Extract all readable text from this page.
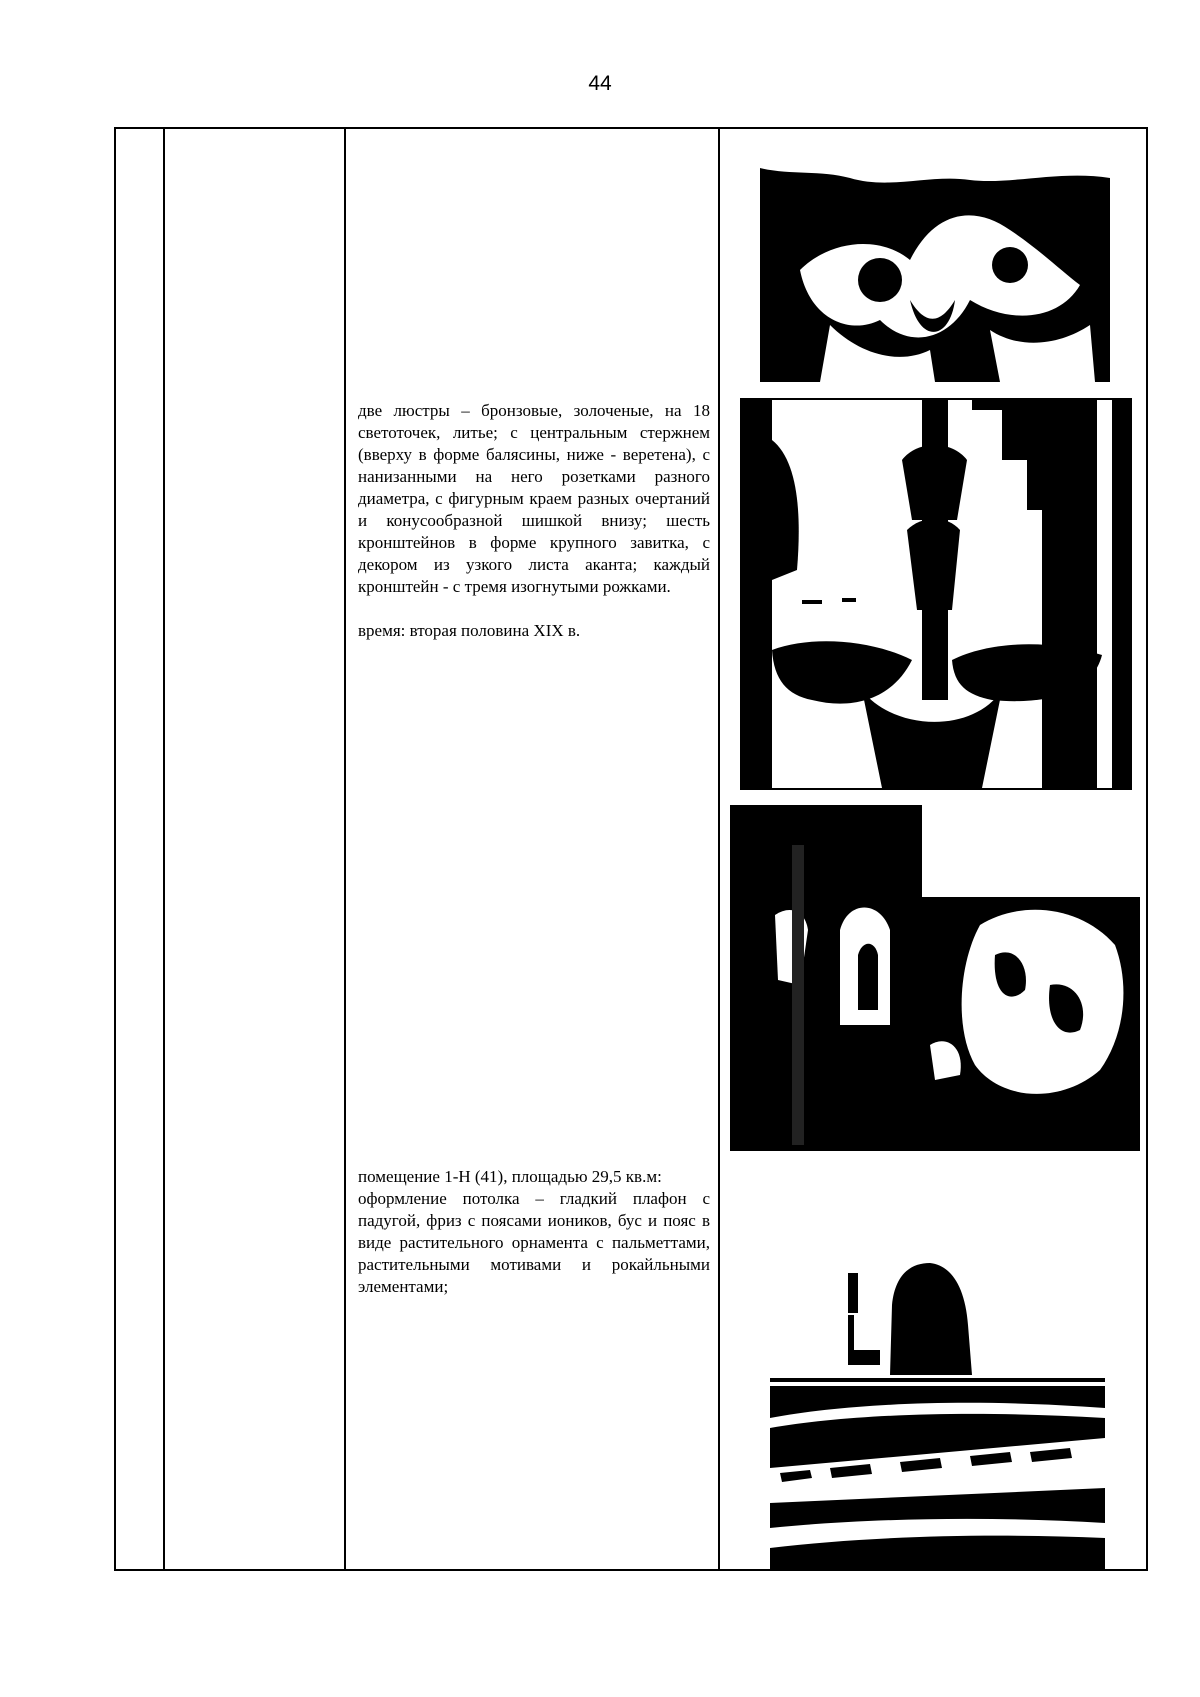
44

две люстры – бронзовые, золоченые, на 18 светоточек, литье; с центральным стержнем (вверху в форме балясины, ниже - веретена), с нанизанными на него розетками разного диаметра, с фигурным краем разных очертаний и конусообразной шишкой внизу; шесть кронштейнов в форме крупного завитка, с декором из узкого листа аканта; каждый кронштейн - с тремя изогнутыми рожками.

время: вторая половина XIX в.

помещение 1-Н (41), площадью 29,5 кв.м:

оформление потолка – гладкий плафон с падугой, фриз с поясами иоников, бус и пояс в виде растительного орнамента с пальметтами, растительными мотивами и рокайльными элементами;
